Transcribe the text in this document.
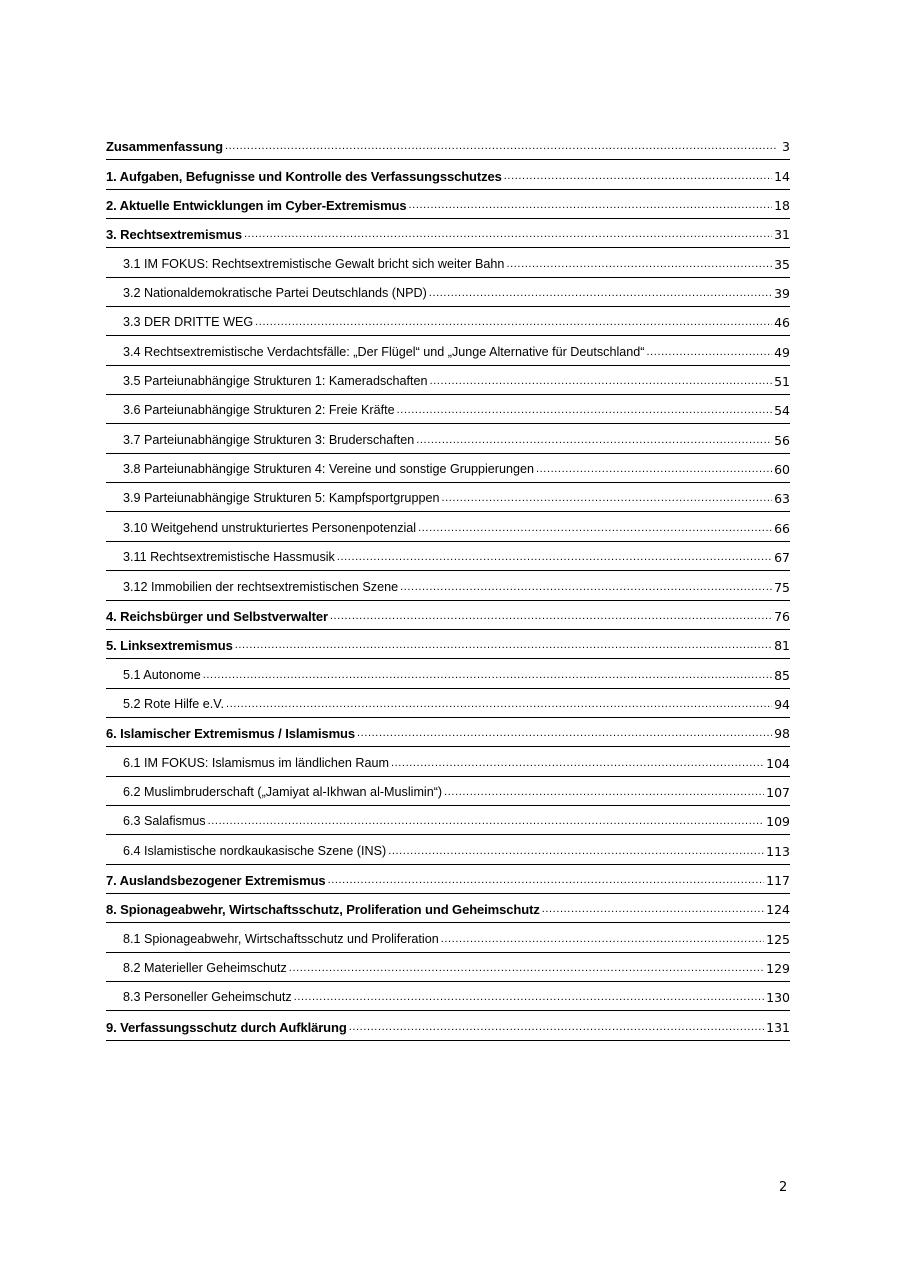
Zusammenfassung .....	3
1. Aufgaben, Befugnisse und Kontrolle des Verfassungsschutzes .....	14
2. Aktuelle Entwicklungen im Cyber-Extremismus .....	18
3. Rechtsextremismus .....	31
3.1 IM FOKUS: Rechtsextremistische Gewalt bricht sich weiter Bahn .....	35
3.2 Nationaldemokratische Partei Deutschlands (NPD) .....	39
3.3 DER DRITTE WEG .....	46
3.4 Rechtsextremistische Verdachtsfälle: „Der Flügel“ und „Junge Alternative für Deutschland“ .....	49
3.5 Parteiunabhängige Strukturen 1: Kameradschaften .....	51
3.6 Parteiunabhängige Strukturen 2: Freie Kräfte .....	54
3.7 Parteiunabhängige Strukturen 3: Bruderschaften .....	56
3.8 Parteiunabhängige Strukturen 4: Vereine und sonstige Gruppierungen .....	60
3.9 Parteiunabhängige Strukturen 5: Kampfsportgruppen .....	63
3.10 Weitgehend unstrukturiertes Personenpotenzial .....	66
3.11 Rechtsextremistische Hassmusik .....	67
3.12 Immobilien der rechtsextremistischen Szene .....	75
4. Reichsbürger und Selbstverwalter .....	76
5. Linksextremismus .....	81
5.1 Autonome .....	85
5.2 Rote Hilfe e.V. .....	94
6. Islamischer Extremismus / Islamismus .....	98
6.1 IM FOKUS: Islamismus im ländlichen Raum .....	104
6.2 Muslimbruderschaft („Jamiyat al-Ikhwan al-Muslimin“) .....	107
6.3 Salafismus .....	109
6.4 Islamistische nordkaukasische Szene (INS) .....	113
7. Auslandsbezogener Extremismus .....	117
8. Spionageabwehr, Wirtschaftsschutz, Proliferation und Geheimschutz .....	124
8.1 Spionageabwehr, Wirtschaftsschutz und Proliferation .....	125
8.2 Materieller Geheimschutz .....	129
8.3 Personeller Geheimschutz .....	130
9. Verfassungsschutz durch Aufklärung .....	131
2
